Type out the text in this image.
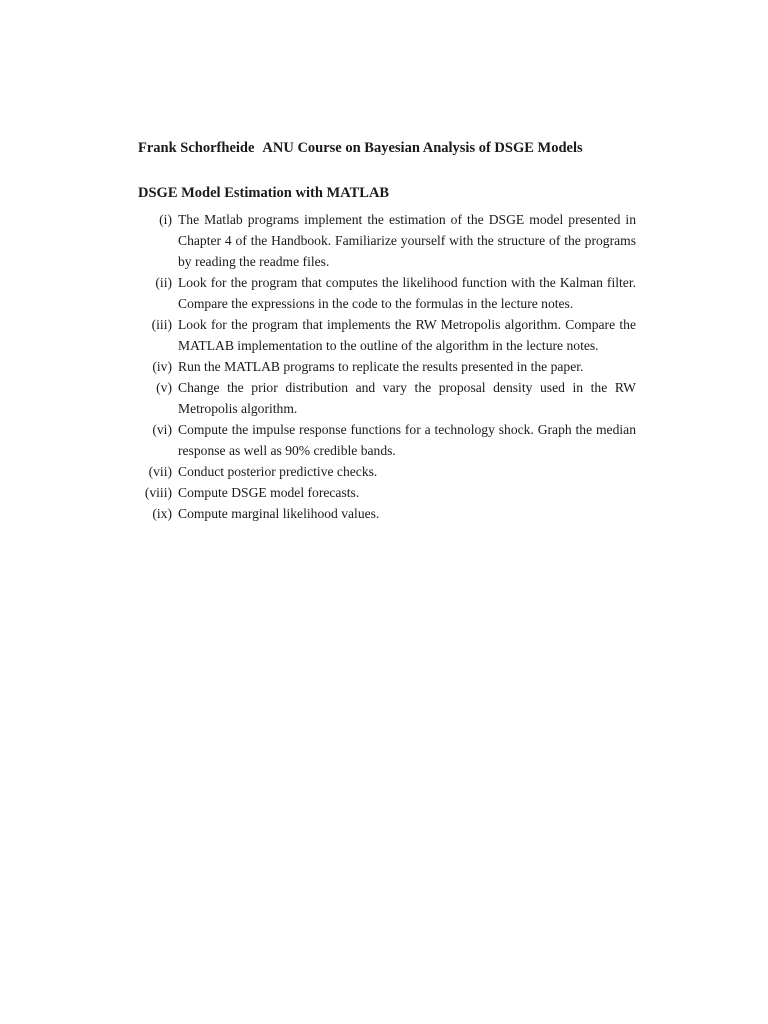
Frank Schorfheide ANU Course on Bayesian Analysis of DSGE Models
DSGE Model Estimation with MATLAB
(i) The Matlab programs implement the estimation of the DSGE model presented in Chapter 4 of the Handbook. Familiarize yourself with the structure of the programs by reading the readme files.
(ii) Look for the program that computes the likelihood function with the Kalman filter. Compare the expressions in the code to the formulas in the lecture notes.
(iii) Look for the program that implements the RW Metropolis algorithm. Compare the MATLAB implementation to the outline of the algorithm in the lecture notes.
(iv) Run the MATLAB programs to replicate the results presented in the paper.
(v) Change the prior distribution and vary the proposal density used in the RW Metropolis algorithm.
(vi) Compute the impulse response functions for a technology shock. Graph the median response as well as 90% credible bands.
(vii) Conduct posterior predictive checks.
(viii) Compute DSGE model forecasts.
(ix) Compute marginal likelihood values.
